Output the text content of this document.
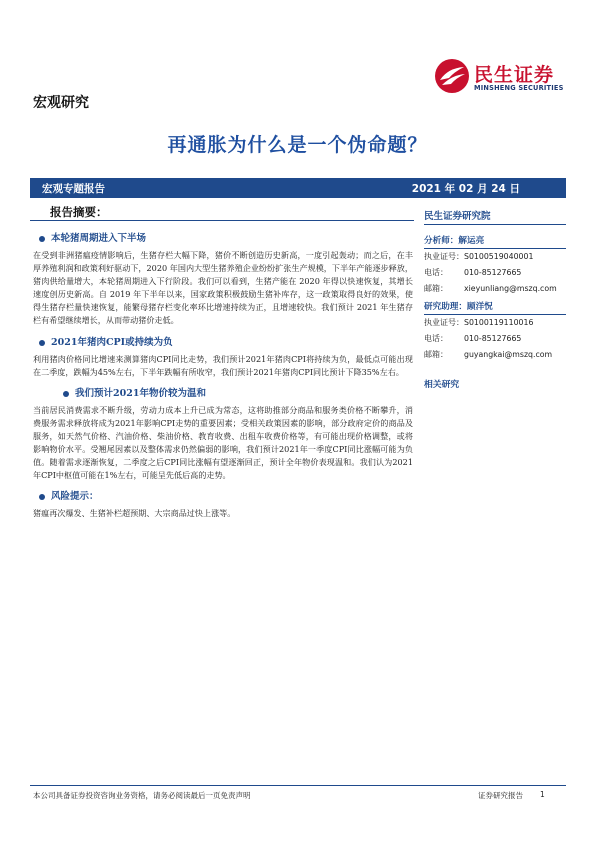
民生证券
MINSHENG SECURITIES
宏观研究
再通胀为什么是一个伪命题？
宏观专题报告	2021 年 02 月 24 日
报告摘要：
本轮猪周期进入下半场
在受到非洲猪瘟疫情影响后，生猪存栏大幅下降，猪价不断创造历史新高，一度引起轰动；而之后，在丰厚养殖利润和政策利好驱动下，2020 年国内大型生猪养殖企业纷纷扩张生产规模，下半年产能逐步释放，猪肉供给量增大，本轮猪周期进入下行阶段。我们可以看到，生猪产能在 2020 年得以快速恢复，其增长速度创历史新高。自 2019 年下半年以来，国家政策积极鼓励生猪补库存，这一政策取得良好的效果，使得生猪存栏量快速恢复，能繁母猪存栏变化率环比增速持续为正，且增速较快。我们预计 2021 年生猪存栏有希望继续增长，从而带动猪价走低。
2021年猪肉CPI或持续为负
利用猪肉价格同比增速来测算猪肉CPI同比走势，我们预计2021年猪肉CPI将持续为负，最低点可能出现在二季度，跌幅为45%左右，下半年跌幅有所收窄，我们预计2021年猪肉CPI同比预计下降35%左右。
我们预计2021年物价较为温和
当前居民消费需求不断升级，劳动力成本上升已成为常态，这将助推部分商品和服务类价格不断攀升，消费服务需求释放将成为2021年影响CPI走势的重要因素；受相关政策因素的影响，部分政府定价的商品及服务，如天然气价格、汽油价格、柴油价格、教育收费、出租车收费价格等，有可能出现价格调整，或将影响物价水平。受翘尾因素以及整体需求仍然偏弱的影响，我们预计2021年一季度CPI同比涨幅可能为负值。随着需求逐渐恢复，二季度之后CPI同比涨幅有望逐渐回正，预计全年物价表现温和。我们认为2021年CPI中枢值可能在1%左右，可能呈先低后高的走势。
风险提示：
猪瘟再次爆发、生猪补栏超预期、大宗商品过快上涨等。
民生证券研究院
分析师：解运亮
执业证号：S0100519040001
电话： 010-85127665
邮箱： xieyunliang@mszq.com
研究助理：顾洋怳
执业证号：S0100119110016
电话： 010-85127665
邮箱： guyangkai@mszq.com
相关研究
本公司具备证券投资咨询业务资格，请务必阅读最后一页免责声明	证券研究报告 1
